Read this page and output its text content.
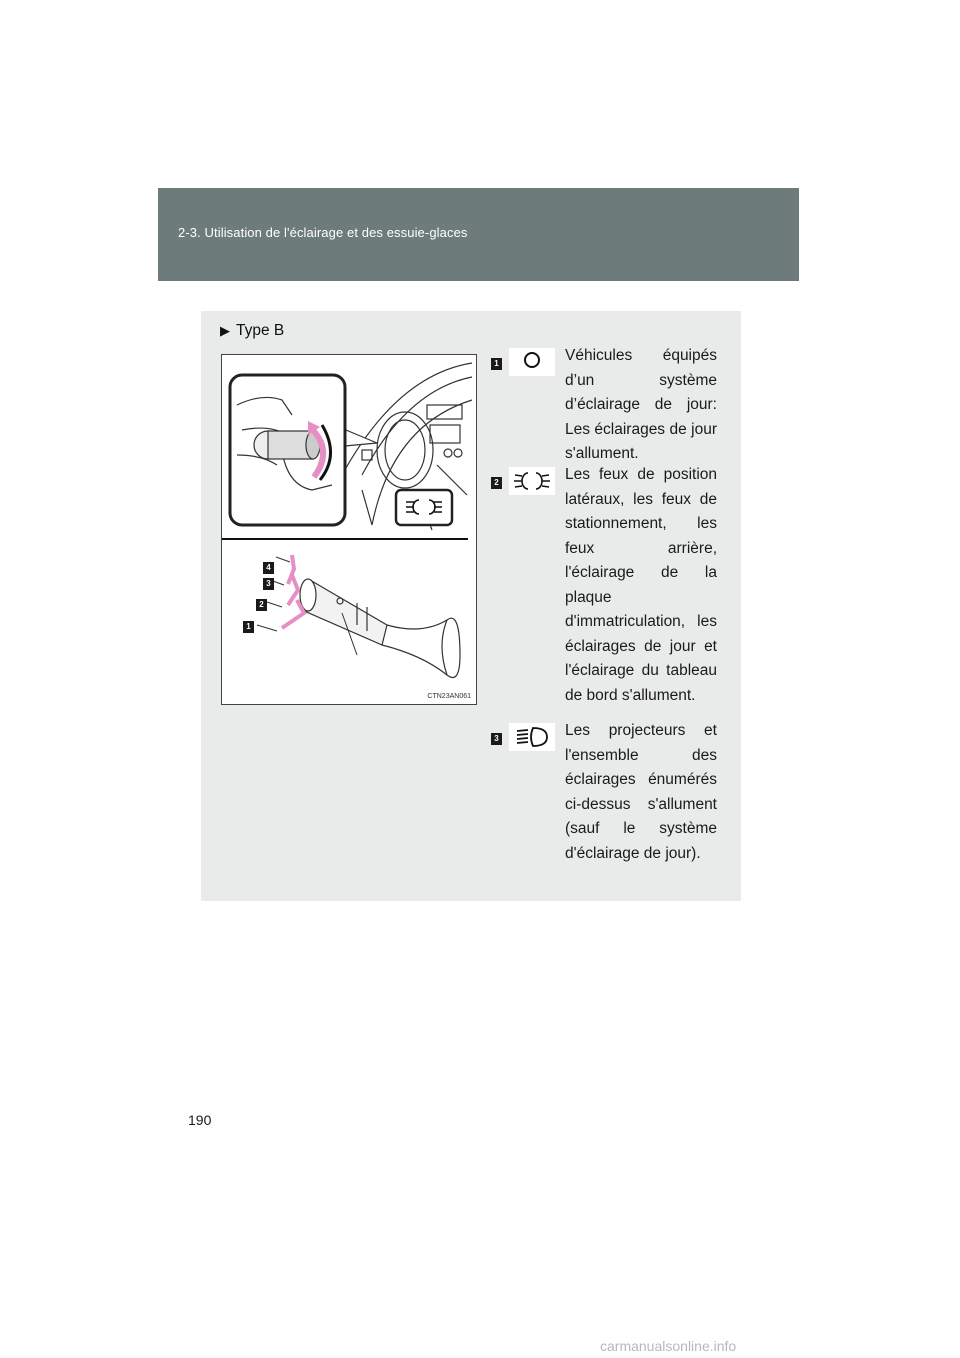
2-3. Utilisation de l'éclairage et des essuie-glaces
▶ Type B
4
3
2
1
CTN23AN061
1	Véhicules équipés d’un système d’éclairage de jour: Les éclairages de jour s'allument.
2	Les feux de position latéraux, les feux de stationnement, les feux arrière, l'éclairage de la plaque d'immatriculation, les éclairages de jour et l'éclairage du tableau de bord s'allument.
3	Les projecteurs et l'ensemble des éclairages énumérés ci-dessus s'allument (sauf le système d'éclairage de jour).
190
carmanualsonline.info
